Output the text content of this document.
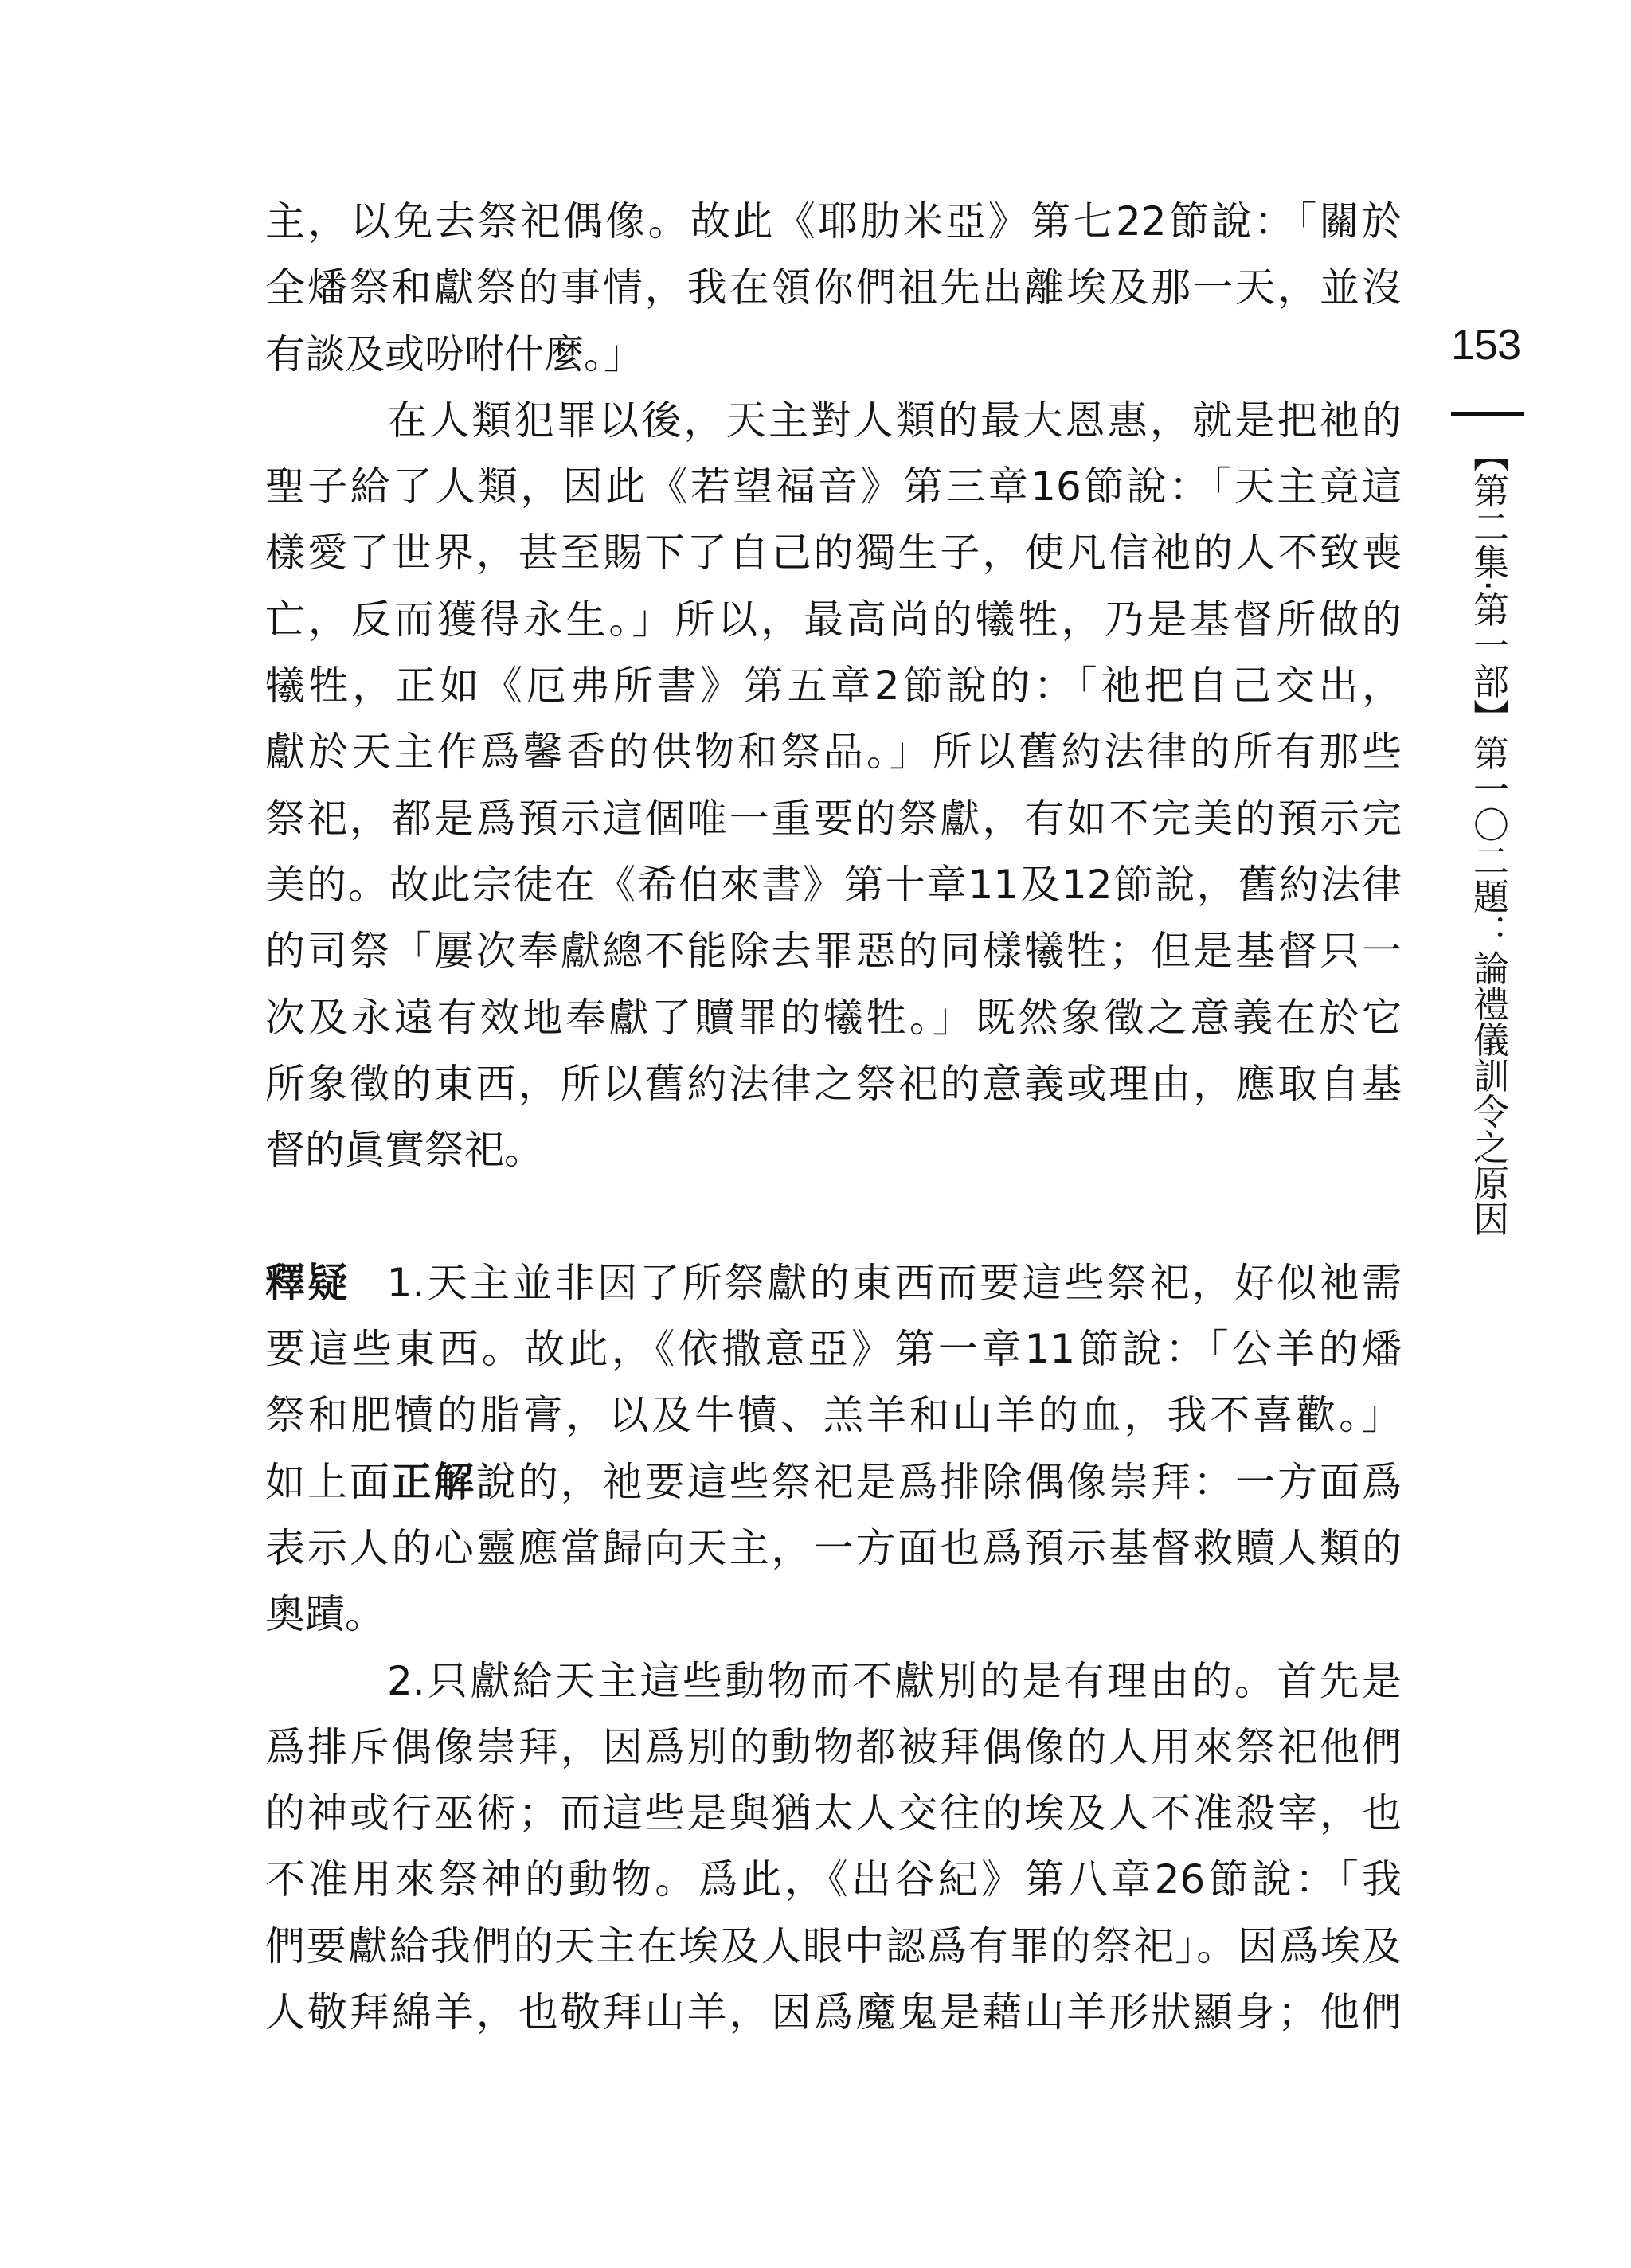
153
【第二集·第一部】第一〇二題：論禮儀訓令之原因
主，以免去祭祀偶像。故此《耶肋米亞》第七22節說：「關於
全燔祭和獻祭的事情，我在領你們祖先出離埃及那一天，並沒
有談及或吩咐什麼。」
在人類犯罪以後，天主對人類的最大恩惠，就是把祂的
聖子給了人類，因此《若望福音》第三章16節說：「天主竟這
樣愛了世界，甚至賜下了自己的獨生子，使凡信祂的人不致喪
亡，反而獲得永生。」所以，最高尚的犧牲，乃是基督所做的
犧牲，正如《厄弗所書》第五章2節說的：「祂把自己交出，
獻於天主作爲馨香的供物和祭品。」所以舊約法律的所有那些
祭祀，都是爲預示這個唯一重要的祭獻，有如不完美的預示完
美的。故此宗徒在《希伯來書》第十章11及12節說，舊約法律
的司祭「屢次奉獻總不能除去罪惡的同樣犧牲；但是基督只一
次及永遠有效地奉獻了贖罪的犧牲。」既然象徵之意義在於它
所象徵的東西，所以舊約法律之祭祀的意義或理由，應取自基
督的眞實祭祀。
釋疑 1.天主並非因了所祭獻的東西而要這些祭祀，好似祂需
要這些東西。故此，《依撒意亞》第一章11節說：「公羊的燔
祭和肥犢的脂膏，以及牛犢、羔羊和山羊的血，我不喜歡。」
如上面正解說的，祂要這些祭祀是爲排除偶像崇拜：一方面爲
表示人的心靈應當歸向天主，一方面也爲預示基督救贖人類的
奧蹟。
2.只獻給天主這些動物而不獻別的是有理由的。首先是
爲排斥偶像崇拜，因爲別的動物都被拜偶像的人用來祭祀他們
的神或行巫術；而這些是與猶太人交往的埃及人不准殺宰，也
不准用來祭神的動物。爲此，《出谷紀》第八章26節說：「我
們要獻給我們的天主在埃及人眼中認爲有罪的祭祀」。因爲埃及
人敬拜綿羊，也敬拜山羊，因爲魔鬼是藉山羊形狀顯身；他們
